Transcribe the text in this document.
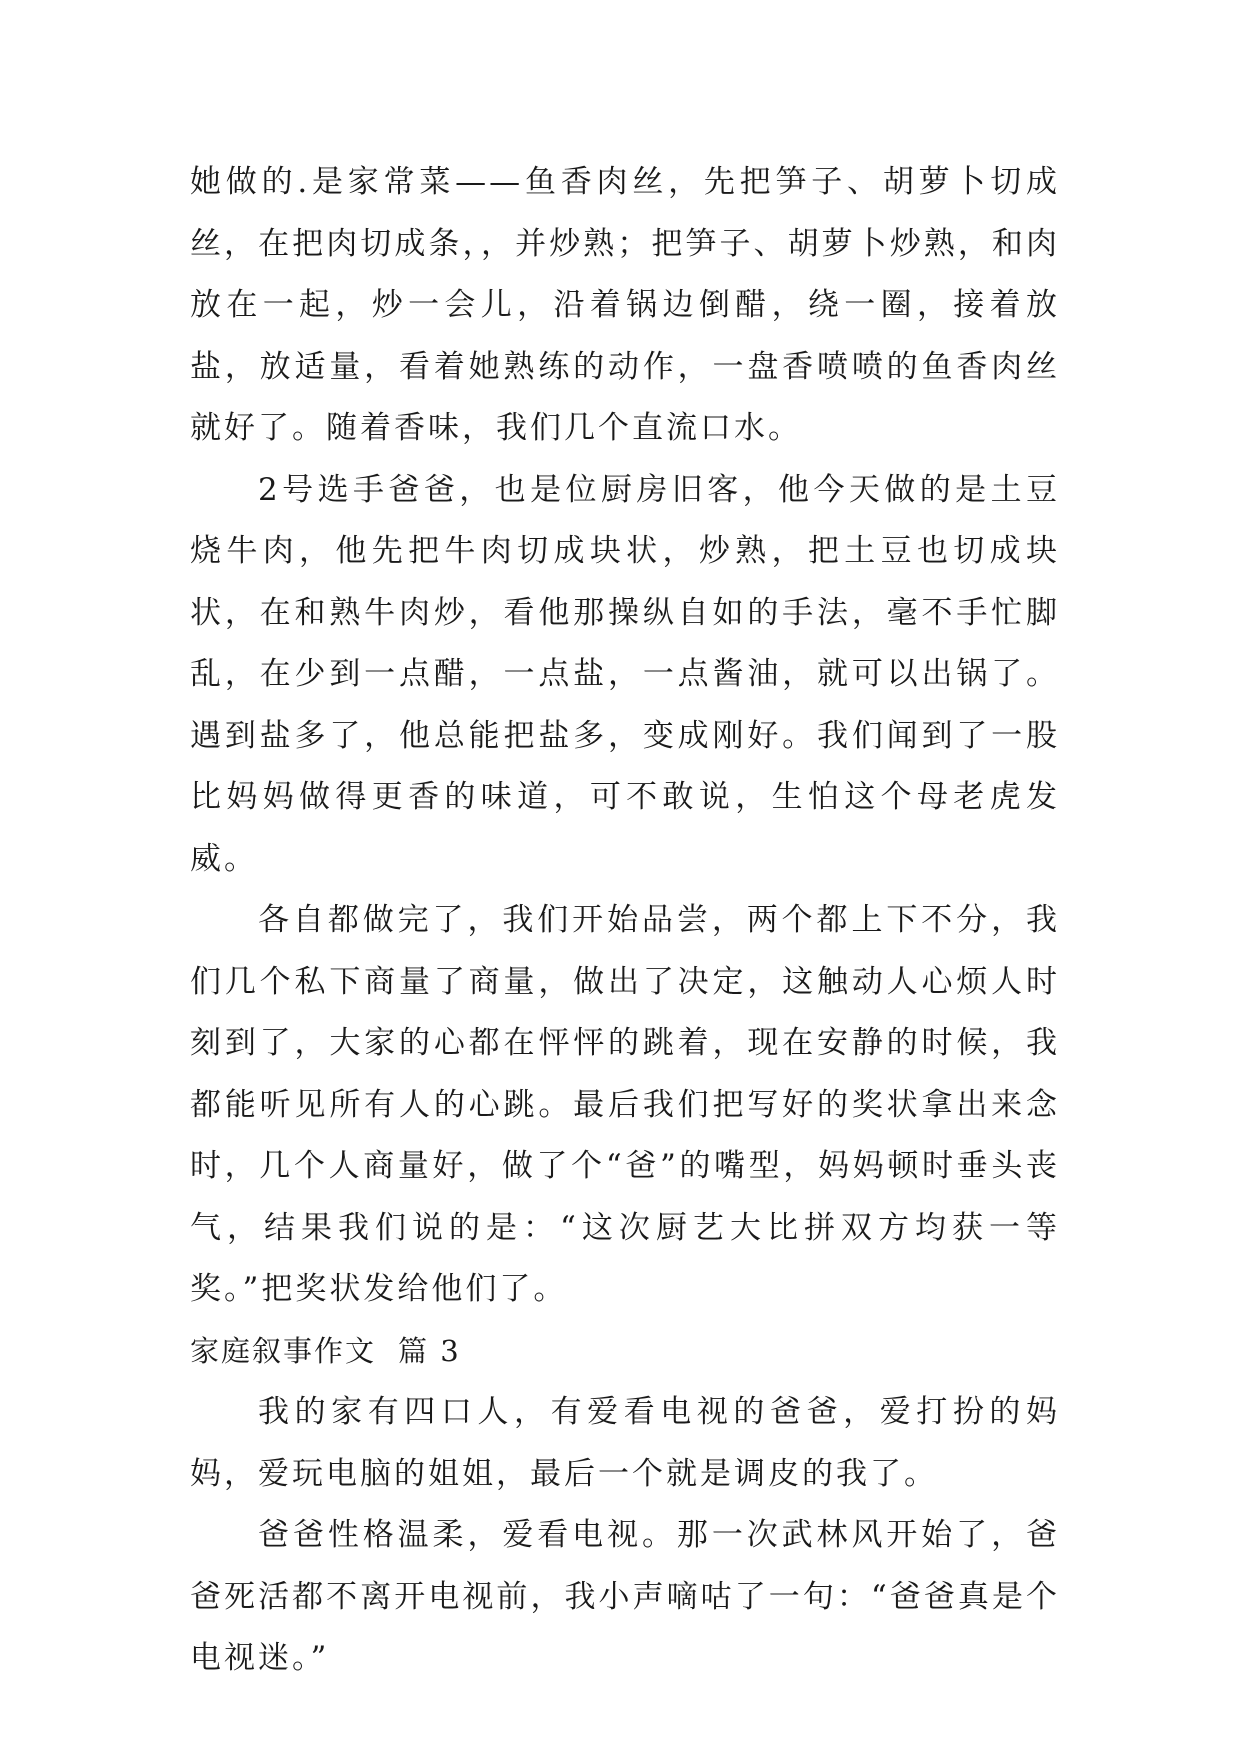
她做的.是家常菜——鱼香肉丝，先把笋子、胡萝卜切成丝，在把肉切成条，，并炒熟；把笋子、胡萝卜炒熟，和肉放在一起，炒一会儿，沿着锅边倒醋，绕一圈，接着放盐，放适量，看着她熟练的动作，一盘香喷喷的鱼香肉丝就好了。随着香味，我们几个直流口水。

2号选手爸爸，也是位厨房旧客，他今天做的是土豆烧牛肉，他先把牛肉切成块状，炒熟，把土豆也切成块状，在和熟牛肉炒，看他那操纵自如的手法，毫不手忙脚乱，在少到一点醋，一点盐，一点酱油，就可以出锅了。遇到盐多了，他总能把盐多，变成刚好。我们闻到了一股比妈妈做得更香的味道，可不敢说，生怕这个母老虎发威。

各自都做完了，我们开始品尝，两个都上下不分，我们几个私下商量了商量，做出了决定，这触动人心烦人时刻到了，大家的心都在怦怦的跳着，现在安静的时候，我都能听见所有人的心跳。最后我们把写好的奖状拿出来念时，几个人商量好，做了个“爸”的嘴型，妈妈顿时垂头丧气，结果我们说的是：“这次厨艺大比拼双方均获一等奖。”把奖状发给他们了。

家庭叙事作文 篇 3

我的家有四口人，有爱看电视的爸爸，爱打扮的妈妈，爱玩电脑的姐姐，最后一个就是调皮的我了。

爸爸性格温柔，爱看电视。那一次武林风开始了，爸爸死活都不离开电视前，我小声嘀咕了一句：“爸爸真是个电视迷。”
